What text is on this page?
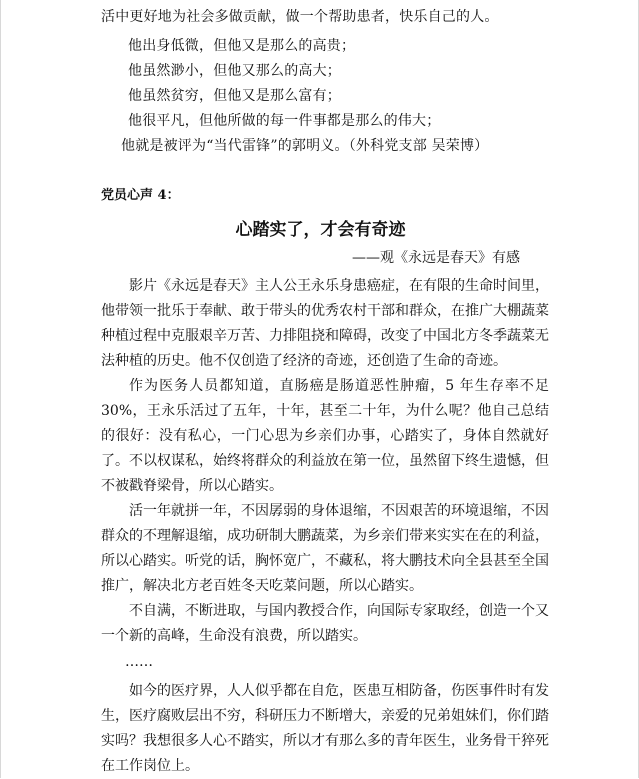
活中更好地为社会多做贡献，做一个帮助患者，快乐自己的人。
他出身低微，但他又是那么的高贵；
他虽然渺小，但他又那么的高大；
他虽然贫穷，但他又是那么富有；
他很平凡，但他所做的每一件事都是那么的伟大；
他就是被评为“当代雷锋”的郭明义。（外科党支部 吴荣博）
党员心声 4：
心踏实了，才会有奇迹
——观《永远是春天》有感

影片《永远是春天》主人公王永乐身患癌症，在有限的生命时间里，他带领一批乐于奉献、敢于带头的优秀农村干部和群众，在推广大棚蔬菜种植过程中克服艰辛万苦、力排阻挠和障碍，改变了中国北方冬季蔬菜无法种植的历史。他不仅创造了经济的奇迹，还创造了生命的奇迹。

作为医务人员都知道，直肠癌是肠道恶性肿瘤，5 年生存率不足 30%，王永乐活过了五年，十年，甚至二十年，为什么呢？他自己总结的很好：没有私心，一门心思为乡亲们办事，心踏实了，身体自然就好了。 不以权谋私，始终将群众的利益放在第一位，虽然留下终生遗憾，但不被戳脊梁骨，所以心踏实。

活一年就拼一年，不因孱弱的身体退缩，不因艰苦的环境退缩，不因群众的不理解退缩，成功研制大鹏蔬菜，为乡亲们带来实实在在的利益，所以心踏实。听党的话，胸怀宽广，不藏私，将大鹏技术向全县甚至全国推广，解决北方老百姓冬天吃菜问题，所以心踏实。

不自满，不断进取，与国内教授合作，向国际专家取经，创造一个又一个新的高峰，生命没有浪费，所以踏实。

……

如今的医疗界，人人似乎都在自危，医患互相防备，伤医事件时有发生，医疗腐败层出不穷，科研压力不断增大，亲爱的兄弟姐妹们，你们踏实吗？我想很多人心不踏实，所以才有那么多的青年医生，业务骨干猝死在工作岗位上。
